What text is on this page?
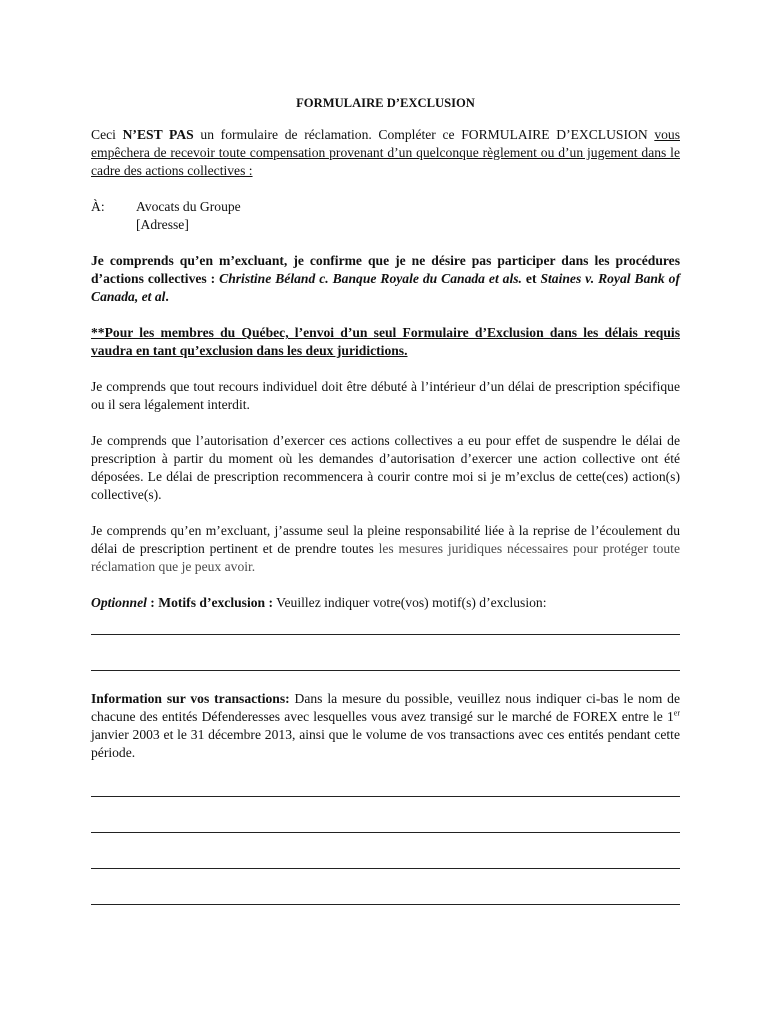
FORMULAIRE D’EXCLUSION

Ceci N’EST PAS un formulaire de réclamation. Compléter ce FORMULAIRE D’EXCLUSION vous empêchera de recevoir toute compensation provenant d’un quelconque règlement ou d’un jugement dans le cadre des actions collectives :

À:	Avocats du Groupe
[Adresse]

Je comprends qu’en m’excluant, je confirme que je ne désire pas participer dans les procédures d’actions collectives : Christine Béland c. Banque Royale du Canada et als. et Staines v. Royal Bank of Canada, et al.

**Pour les membres du Québec, l’envoi d’un seul Formulaire d’Exclusion dans les délais requis vaudra en tant qu’exclusion dans les deux juridictions.

Je comprends que tout recours individuel doit être débuté à l’intérieur d’un délai de prescription spécifique ou il sera légalement interdit.

Je comprends que l’autorisation d’exercer ces actions collectives a eu pour effet de suspendre le délai de prescription à partir du moment où les demandes d’autorisation d’exercer une action collective ont été déposées. Le délai de prescription recommencera à courir contre moi si je m’exclus de cette(ces) action(s) collective(s).

Je comprends qu’en m’excluant, j’assume seul la pleine responsabilité liée à la reprise de l’écoulement du délai de prescription pertinent et de prendre toutes les mesures juridiques nécessaires pour protéger toute réclamation que je peux avoir.

Optionnel : Motifs d’exclusion : Veuillez indiquer votre(vos) motif(s) d’exclusion:

Information sur vos transactions: Dans la mesure du possible, veuillez nous indiquer ci-bas le nom de chacune des entités Défenderesses avec lesquelles vous avez transigé sur le marché de FOREX entre le 1er janvier 2003 et le 31 décembre 2013, ainsi que le volume de vos transactions avec ces entités pendant cette période.
